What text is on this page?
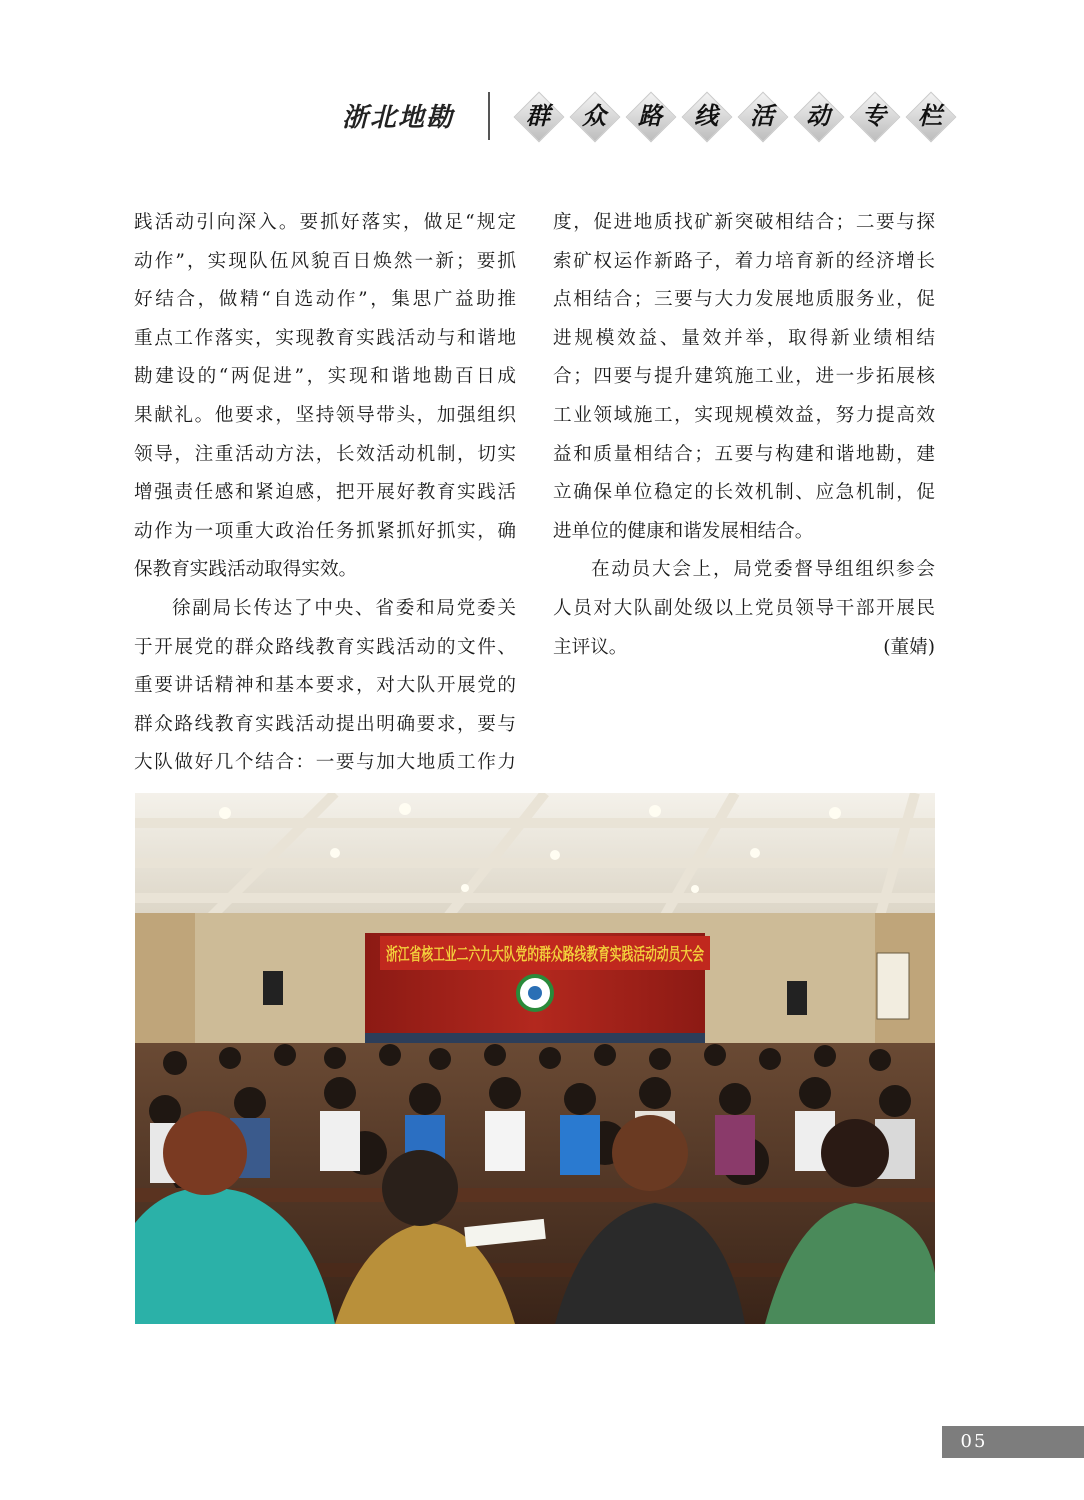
浙北地勘	群	众	路	线	活	动	专	栏
践活动引向深入。要抓好落实，做足“规定
动作”，实现队伍风貌百日焕然一新；要抓
好结合，做精“自选动作”，集思广益助推
重点工作落实，实现教育实践活动与和谐地
勘建设的“两促进”，实现和谐地勘百日成
果献礼。他要求，坚持领导带头，加强组织
领导，注重活动方法，长效活动机制，切实
增强责任感和紧迫感，把开展好教育实践活
动作为一项重大政治任务抓紧抓好抓实，确
保教育实践活动取得实效。
徐副局长传达了中央、省委和局党委关
于开展党的群众路线教育实践活动的文件、
重要讲话精神和基本要求，对大队开展党的
群众路线教育实践活动提出明确要求，要与
大队做好几个结合：一要与加大地质工作力
度，促进地质找矿新突破相结合；二要与探
索矿权运作新路子，着力培育新的经济增长
点相结合；三要与大力发展地质服务业，促
进规模效益、量效并举，取得新业绩相结
合；四要与提升建筑施工业，进一步拓展核
工业领域施工，实现规模效益，努力提高效
益和质量相结合；五要与构建和谐地勘，建
立确保单位稳定的长效机制、应急机制，促
进单位的健康和谐发展相结合。
在动员大会上，局党委督导组组织参会
人员对大队副处级以上党员领导干部开展民
主评议。	(董婧)
浙江省核工业二六九大队党的群众路线教育实践活动动员大会
05
